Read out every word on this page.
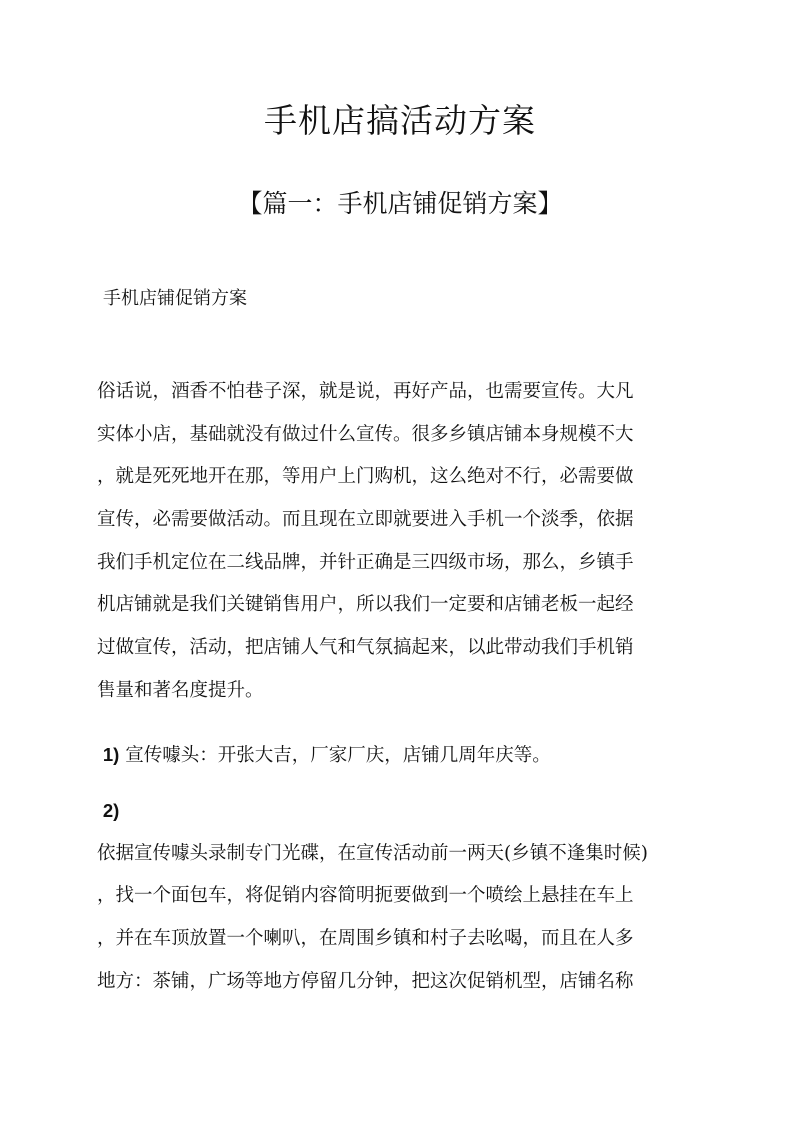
手机店搞活动方案
【篇一：手机店铺促销方案】
手机店铺促销方案
俗话说，酒香不怕巷子深，就是说，再好产品，也需要宣传。大凡
实体小店，基础就没有做过什么宣传。很多乡镇店铺本身规模不大
，就是死死地开在那，等用户上门购机，这么绝对不行，必需要做
宣传，必需要做活动。而且现在立即就要进入手机一个淡季，依据
我们手机定位在二线品牌，并针正确是三四级市场，那么，乡镇手
机店铺就是我们关键销售用户，所以我们一定要和店铺老板一起经
过做宣传，活动，把店铺人气和气氛搞起来，以此带动我们手机销
售量和著名度提升。
1) 宣传噱头：开张大吉，厂家厂庆，店铺几周年庆等。
2)
依据宣传噱头录制专门光碟，在宣传活动前一两天(乡镇不逢集时候)
，找一个面包车，将促销内容简明扼要做到一个喷绘上悬挂在车上
，并在车顶放置一个喇叭，在周围乡镇和村子去吆喝，而且在人多
地方：茶铺，广场等地方停留几分钟，把这次促销机型，店铺名称
